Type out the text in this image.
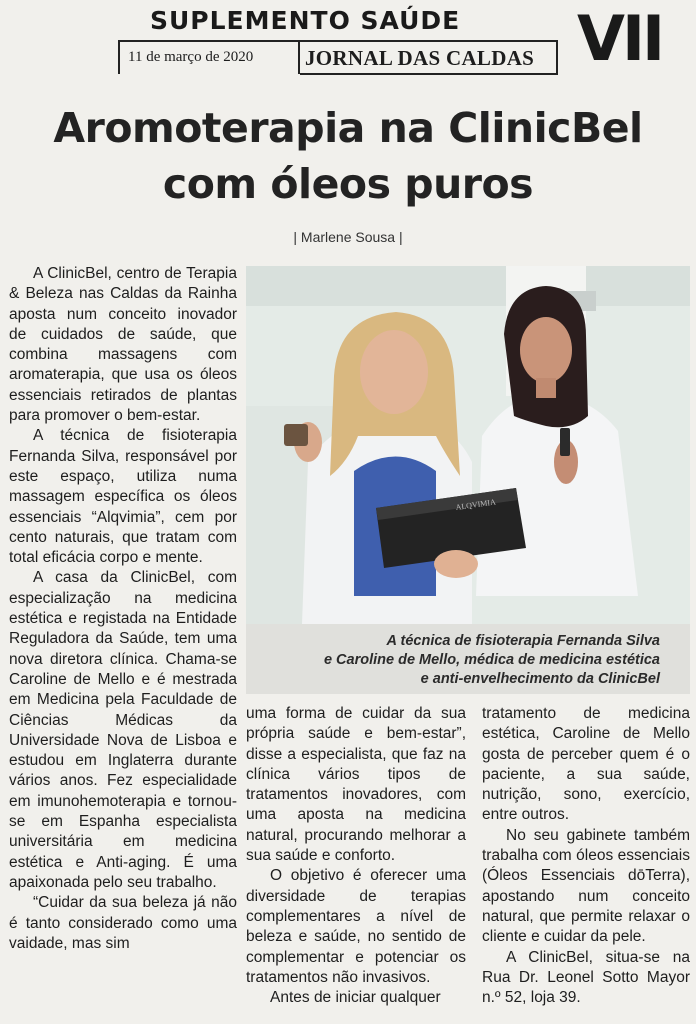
SUPLEMENTO SAÚDE
11 de março de 2020 JORNAL DAS CALDAS VII
Aromoterapia na ClinicBel
com óleos puros
| Marlene Sousa |

A ClinicBel, centro de Terapia & Beleza nas Caldas da Rainha aposta num conceito inovador de cuidados de saúde, que combina massagens com aromaterapia, que usa os óleos essenciais retirados de plantas para promover o bem-estar.

A técnica de fisioterapia Fernanda Silva, responsável por este espaço, utiliza numa massagem específica os óleos essenciais “Alqvimia”, cem por cento naturais, que tratam com total eficácia corpo e mente.

A casa da ClinicBel, com especialização na medicina estética e registada na Entidade Reguladora da Saúde, tem uma nova diretora clínica. Chama-se Caroline de Mello e é mestrada em Medicina pela Faculdade de Ciências Médicas da Universidade Nova de Lisboa e estudou em Inglaterra durante vários anos. Fez especialidade em imunohemoterapia e tornou-se em Espanha especialista universitária em medicina estética e Anti-aging. É uma apaixonada pelo seu trabalho.

“Cuidar da sua beleza já não é tanto considerado como uma vaidade, mas sim

ALQVIMIA
A técnica de fisioterapia Fernanda Silva
e Caroline de Mello, médica de medicina estética
e anti-envelhecimento da ClinicBel

uma forma de cuidar da sua própria saúde e bem-estar”, disse a especialista, que faz na clínica vários tipos de tratamentos inovadores, com uma aposta na medicina natural, procurando melhorar a sua saúde e conforto.

O objetivo é oferecer uma diversidade de terapias complementares a nível de beleza e saúde, no sentido de complementar e potenciar os tratamentos não invasivos.

Antes de iniciar qualquer

tratamento de medicina estética, Caroline de Mello gosta de perceber quem é o paciente, a sua saúde, nutrição, sono, exercício, entre outros.

No seu gabinete também trabalha com óleos essenciais (Óleos Essenciais dōTerra), apostando num conceito natural, que permite relaxar o cliente e cuidar da pele.

A ClinicBel, situa-se na Rua Dr. Leonel Sotto Mayor n.º 52, loja 39.
